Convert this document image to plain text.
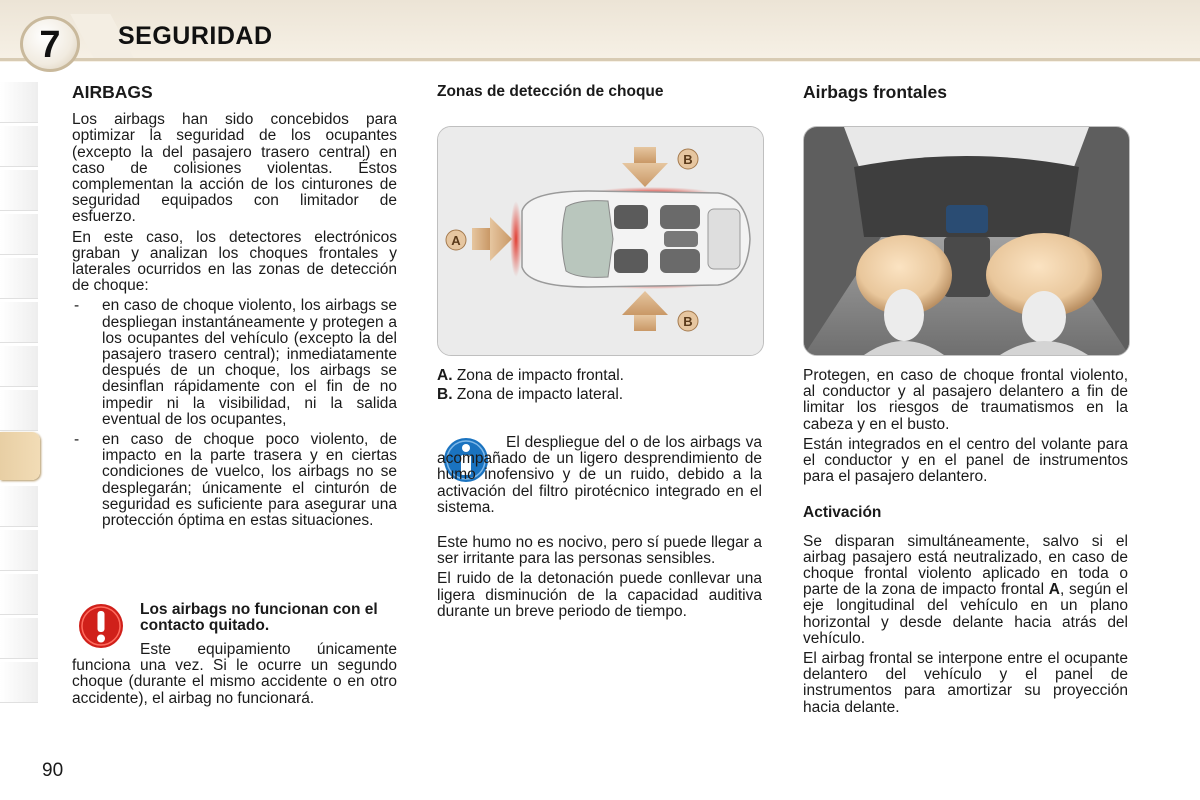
7	SEGURIDAD
AIRBAGS

Los airbags han sido concebidos para optimizar la seguridad de los ocupantes (excepto la del pasajero trasero central) en caso de colisiones violentas. Éstos complementan la acción de los cinturones de seguridad equipados con limitador de esfuerzo.

En este caso, los detectores electrónicos graban y analizan los choques frontales y laterales ocurridos en las zonas de detección de choque:

- en caso de choque violento, los airbags se despliegan instantáneamente y protegen a los ocupantes del vehículo (excepto la del pasajero trasero central); inmediatamente después de un choque, los airbags se desinflan rápidamente con el fin de no impedir ni la visibilidad, ni la salida eventual de los ocupantes,
- en caso de choque poco violento, de impacto en la parte trasera y en ciertas condiciones de vuelco, los airbags no se desplegarán; únicamente el cinturón de seguridad es suficiente para asegurar una protección óptima en estas situaciones.
Los airbags no funcionan con el contacto quitado.
Este equipamiento únicamente funciona una vez. Si le ocurre un segundo choque (durante el mismo accidente o en otro accidente), el airbag no funcionará.
Zonas de detección de choque
B
B
A

A. Zona de impacto frontal.

B. Zona de impacto lateral.

El despliegue del o de los airbags va acompañado de un ligero desprendimiento de humo inofensivo y de un ruido, debido a la activación del filtro pirotécnico integrado en el sistema.

Este humo no es nocivo, pero sí puede llegar a ser irritante para las personas sensibles.

El ruido de la detonación puede conllevar una ligera disminución de la capacidad auditiva durante un breve periodo de tiempo.

Airbags frontales

Protegen, en caso de choque frontal violento, al conductor y al pasajero delantero a fin de limitar los riesgos de traumatismos en la cabeza y en el busto.

Están integrados en el centro del volante para el conductor y en el panel de instrumentos para el pasajero delantero.

Activación

Se disparan simultáneamente, salvo si el airbag pasajero está neutralizado, en caso de choque frontal violento aplicado en toda o parte de la zona de impacto frontal A, según el eje longitudinal del vehículo en un plano horizontal y desde delante hacia atrás del vehículo.

El airbag frontal se interpone entre el ocupante delantero del vehículo y el panel de instrumentos para amortizar su proyección hacia delante.

90
